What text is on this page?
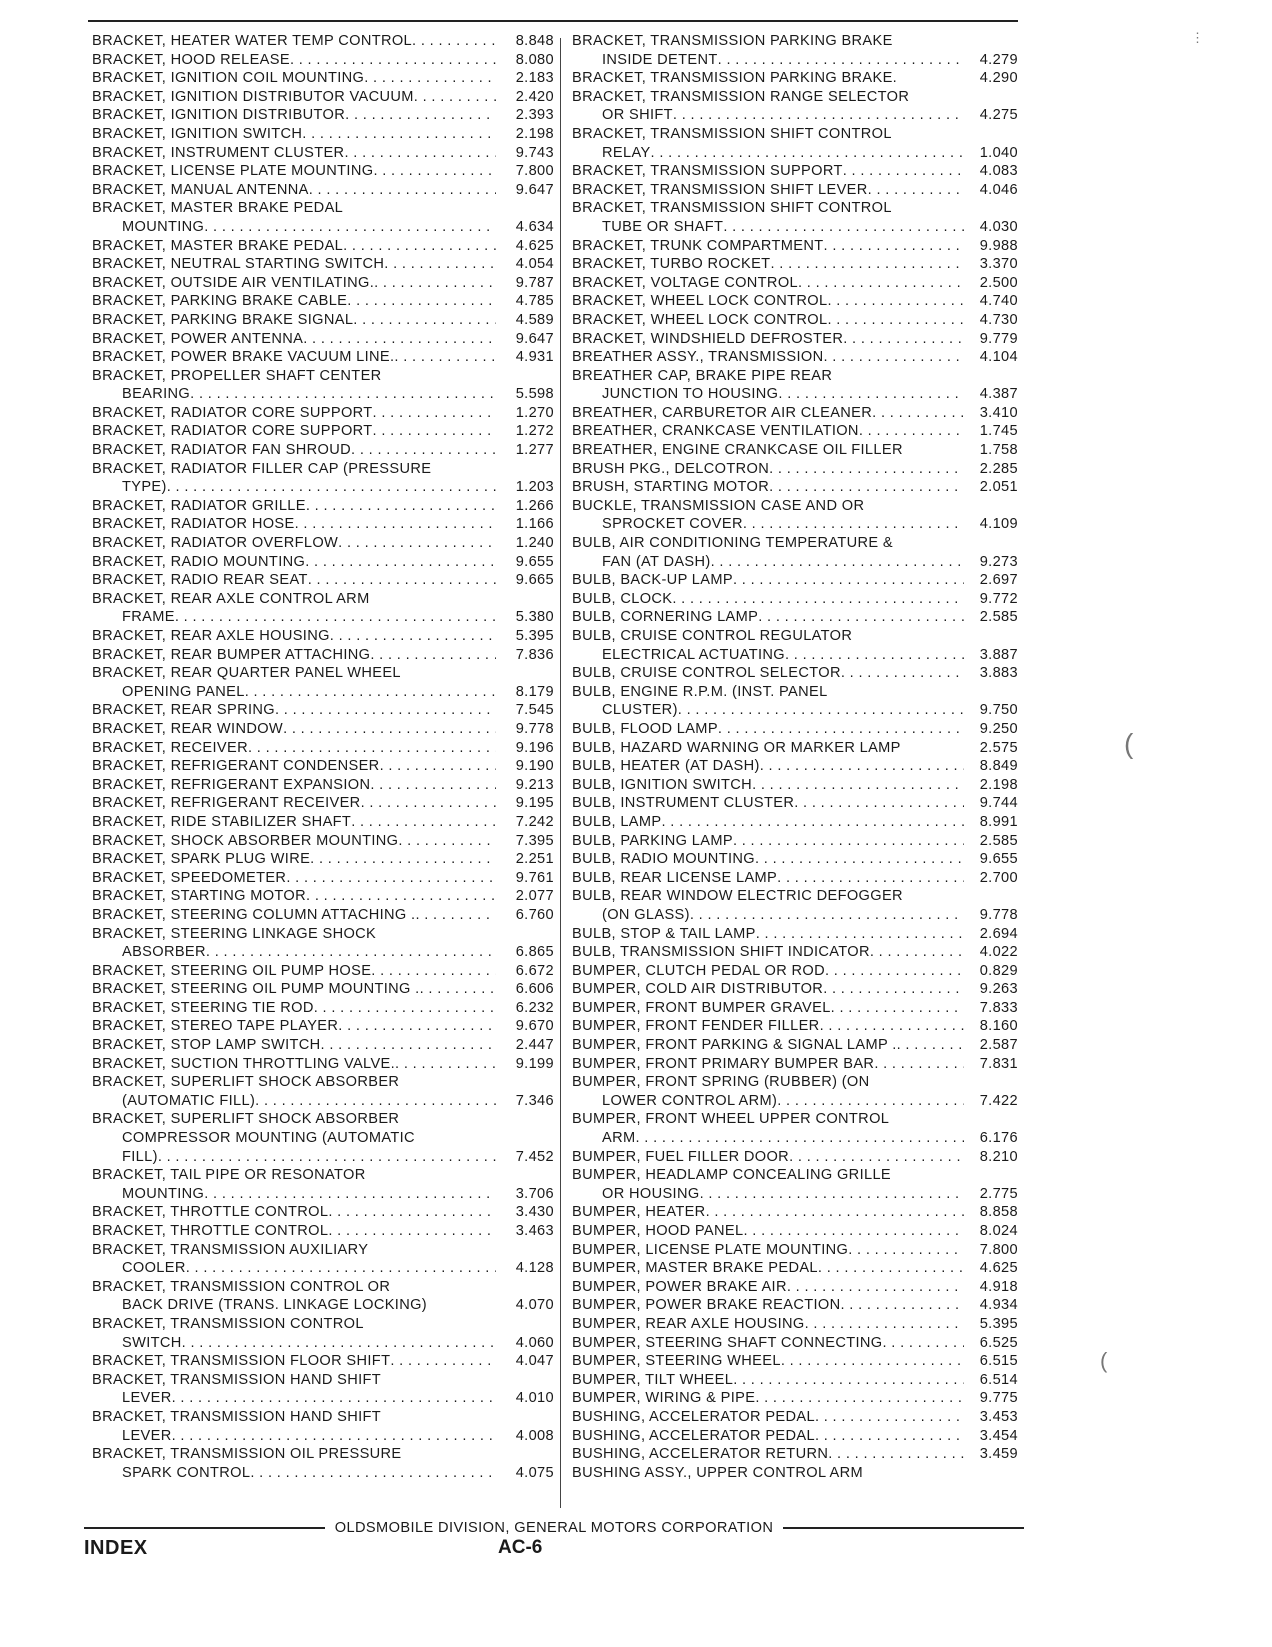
BRACKET, HEATER WATER TEMP CONTROL . . .	8.848
BRACKET, HOOD RELEASE . . .	8.080
BRACKET, IGNITION COIL MOUNTING . . .	2.183
BRACKET, IGNITION DISTRIBUTOR VACUUM . . .	2.420
BRACKET, IGNITION DISTRIBUTOR . . .	2.393
BRACKET, IGNITION SWITCH . . .	2.198
BRACKET, INSTRUMENT CLUSTER . . .	9.743
BRACKET, LICENSE PLATE MOUNTING . . .	7.800
BRACKET, MANUAL ANTENNA . . .	9.647
BRACKET, MASTER BRAKE PEDAL
MOUNTING . . .	4.634
BRACKET, MASTER BRAKE PEDAL . . .	4.625
BRACKET, NEUTRAL STARTING SWITCH . . .	4.054
BRACKET, OUTSIDE AIR VENTILATING. . . .	9.787
BRACKET, PARKING BRAKE CABLE . . .	4.785
BRACKET, PARKING BRAKE SIGNAL . . .	4.589
BRACKET, POWER ANTENNA . . .	9.647
BRACKET, POWER BRAKE VACUUM LINE. . . .	4.931
BRACKET, PROPELLER SHAFT CENTER
BEARING . . .	5.598
BRACKET, RADIATOR CORE SUPPORT . . .	1.270
BRACKET, RADIATOR CORE SUPPORT . . .	1.272
BRACKET, RADIATOR FAN SHROUD . . .	1.277
BRACKET, RADIATOR FILLER CAP (PRESSURE
TYPE) . . .	1.203
BRACKET, RADIATOR GRILLE . . .	1.266
BRACKET, RADIATOR HOSE . . .	1.166
BRACKET, RADIATOR OVERFLOW . . .	1.240
BRACKET, RADIO MOUNTING . . .	9.655
BRACKET, RADIO REAR SEAT . . .	9.665
BRACKET, REAR AXLE CONTROL ARM
FRAME . . .	5.380
BRACKET, REAR AXLE HOUSING . . .	5.395
BRACKET, REAR BUMPER ATTACHING . . .	7.836
BRACKET, REAR QUARTER PANEL WHEEL
OPENING PANEL . . .	8.179
BRACKET, REAR SPRING . . .	7.545
BRACKET, REAR WINDOW . . .	9.778
BRACKET, RECEIVER . . .	9.196
BRACKET, REFRIGERANT CONDENSER . . .	9.190
BRACKET, REFRIGERANT EXPANSION . . .	9.213
BRACKET, REFRIGERANT RECEIVER . . .	9.195
BRACKET, RIDE STABILIZER SHAFT . . .	7.242
BRACKET, SHOCK ABSORBER MOUNTING . . .	7.395
BRACKET, SPARK PLUG WIRE . . .	2.251
BRACKET, SPEEDOMETER . . .	9.761
BRACKET, STARTING MOTOR . . .	2.077
BRACKET, STEERING COLUMN ATTACHING . . . .	6.760
BRACKET, STEERING LINKAGE SHOCK
ABSORBER . . .	6.865
BRACKET, STEERING OIL PUMP HOSE . . .	6.672
BRACKET, STEERING OIL PUMP MOUNTING . . . .	6.606
BRACKET, STEERING TIE ROD . . .	6.232
BRACKET, STEREO TAPE PLAYER . . .	9.670
BRACKET, STOP LAMP SWITCH . . .	2.447
BRACKET, SUCTION THROTTLING VALVE. . . .	9.199
BRACKET, SUPERLIFT SHOCK ABSORBER
(AUTOMATIC FILL) . . .	7.346
BRACKET, SUPERLIFT SHOCK ABSORBER
COMPRESSOR MOUNTING (AUTOMATIC
FILL) . . .	7.452
BRACKET, TAIL PIPE OR RESONATOR
MOUNTING . . .	3.706
BRACKET, THROTTLE CONTROL . . .	3.430
BRACKET, THROTTLE CONTROL . . .	3.463
BRACKET, TRANSMISSION AUXILIARY
COOLER . . .	4.128
BRACKET, TRANSMISSION CONTROL OR
BACK DRIVE (TRANS. LINKAGE LOCKING)	4.070
BRACKET, TRANSMISSION CONTROL
SWITCH . . .	4.060
BRACKET, TRANSMISSION FLOOR SHIFT . . .	4.047
BRACKET, TRANSMISSION HAND SHIFT
LEVER . . .	4.010
BRACKET, TRANSMISSION HAND SHIFT
LEVER . . .	4.008
BRACKET, TRANSMISSION OIL PRESSURE
SPARK CONTROL . . .	4.075
BRACKET, TRANSMISSION PARKING BRAKE
INSIDE DETENT . . .	4.279
BRACKET, TRANSMISSION PARKING BRAKE.	4.290
BRACKET, TRANSMISSION RANGE SELECTOR
OR SHIFT . . .	4.275
BRACKET, TRANSMISSION SHIFT CONTROL
RELAY . . .	1.040
BRACKET, TRANSMISSION SUPPORT . . .	4.083
BRACKET, TRANSMISSION SHIFT LEVER . . .	4.046
BRACKET, TRANSMISSION SHIFT CONTROL
TUBE OR SHAFT . . .	4.030
BRACKET, TRUNK COMPARTMENT . . .	9.988
BRACKET, TURBO ROCKET . . .	3.370
BRACKET, VOLTAGE CONTROL . . .	2.500
BRACKET, WHEEL LOCK CONTROL . . .	4.740
BRACKET, WHEEL LOCK CONTROL . . .	4.730
BRACKET, WINDSHIELD DEFROSTER . . .	9.779
BREATHER ASSY., TRANSMISSION . . .	4.104
BREATHER CAP, BRAKE PIPE REAR
JUNCTION TO HOUSING . . .	4.387
BREATHER, CARBURETOR AIR CLEANER . . .	3.410
BREATHER, CRANKCASE VENTILATION . . .	1.745
BREATHER, ENGINE CRANKCASE OIL FILLER	1.758
BRUSH PKG., DELCOTRON . . .	2.285
BRUSH, STARTING MOTOR . . .	2.051
BUCKLE, TRANSMISSION CASE AND OR
SPROCKET COVER . . .	4.109
BULB, AIR CONDITIONING TEMPERATURE &
FAN (AT DASH) . . .	9.273
BULB, BACK-UP LAMP . . .	2.697
BULB, CLOCK . . .	9.772
BULB, CORNERING LAMP . . .	2.585
BULB, CRUISE CONTROL REGULATOR
ELECTRICAL ACTUATING . . .	3.887
BULB, CRUISE CONTROL SELECTOR . . .	3.883
BULB, ENGINE R.P.M. (INST. PANEL
CLUSTER) . . .	9.750
BULB, FLOOD LAMP . . .	9.250
BULB, HAZARD WARNING OR MARKER LAMP	2.575
BULB, HEATER (AT DASH) . . .	8.849
BULB, IGNITION SWITCH . . .	2.198
BULB, INSTRUMENT CLUSTER . . .	9.744
BULB, LAMP . . .	8.991
BULB, PARKING LAMP . . .	2.585
BULB, RADIO MOUNTING . . .	9.655
BULB, REAR LICENSE LAMP . . .	2.700
BULB, REAR WINDOW ELECTRIC DEFOGGER
(ON GLASS) . . .	9.778
BULB, STOP & TAIL LAMP . . .	2.694
BULB, TRANSMISSION SHIFT INDICATOR . . .	4.022
BUMPER, CLUTCH PEDAL OR ROD . . .	0.829
BUMPER, COLD AIR DISTRIBUTOR . . .	9.263
BUMPER, FRONT BUMPER GRAVEL . . .	7.833
BUMPER, FRONT FENDER FILLER . . .	8.160
BUMPER, FRONT PARKING & SIGNAL LAMP . . . .	2.587
BUMPER, FRONT PRIMARY BUMPER BAR . . .	7.831
BUMPER, FRONT SPRING (RUBBER) (ON
LOWER CONTROL ARM) . . .	7.422
BUMPER, FRONT WHEEL UPPER CONTROL
ARM . . .	6.176
BUMPER, FUEL FILLER DOOR . . .	8.210
BUMPER, HEADLAMP CONCEALING GRILLE
OR HOUSING . . .	2.775
BUMPER, HEATER . . .	8.858
BUMPER, HOOD PANEL . . .	8.024
BUMPER, LICENSE PLATE MOUNTING . . .	7.800
BUMPER, MASTER BRAKE PEDAL . . .	4.625
BUMPER, POWER BRAKE AIR . . .	4.918
BUMPER, POWER BRAKE REACTION . . .	4.934
BUMPER, REAR AXLE HOUSING . . .	5.395
BUMPER, STEERING SHAFT CONNECTING . . .	6.525
BUMPER, STEERING WHEEL . . .	6.515
BUMPER, TILT WHEEL . . .	6.514
BUMPER, WIRING & PIPE . . .	9.775
BUSHING, ACCELERATOR PEDAL . . .	3.453
BUSHING, ACCELERATOR PEDAL . . .	3.454
BUSHING, ACCELERATOR RETURN . . .	3.459
BUSHING ASSY., UPPER CONTROL ARM
OLDSMOBILE DIVISION, GENERAL MOTORS CORPORATION
INDEX	AC-6
⋮
(
(
